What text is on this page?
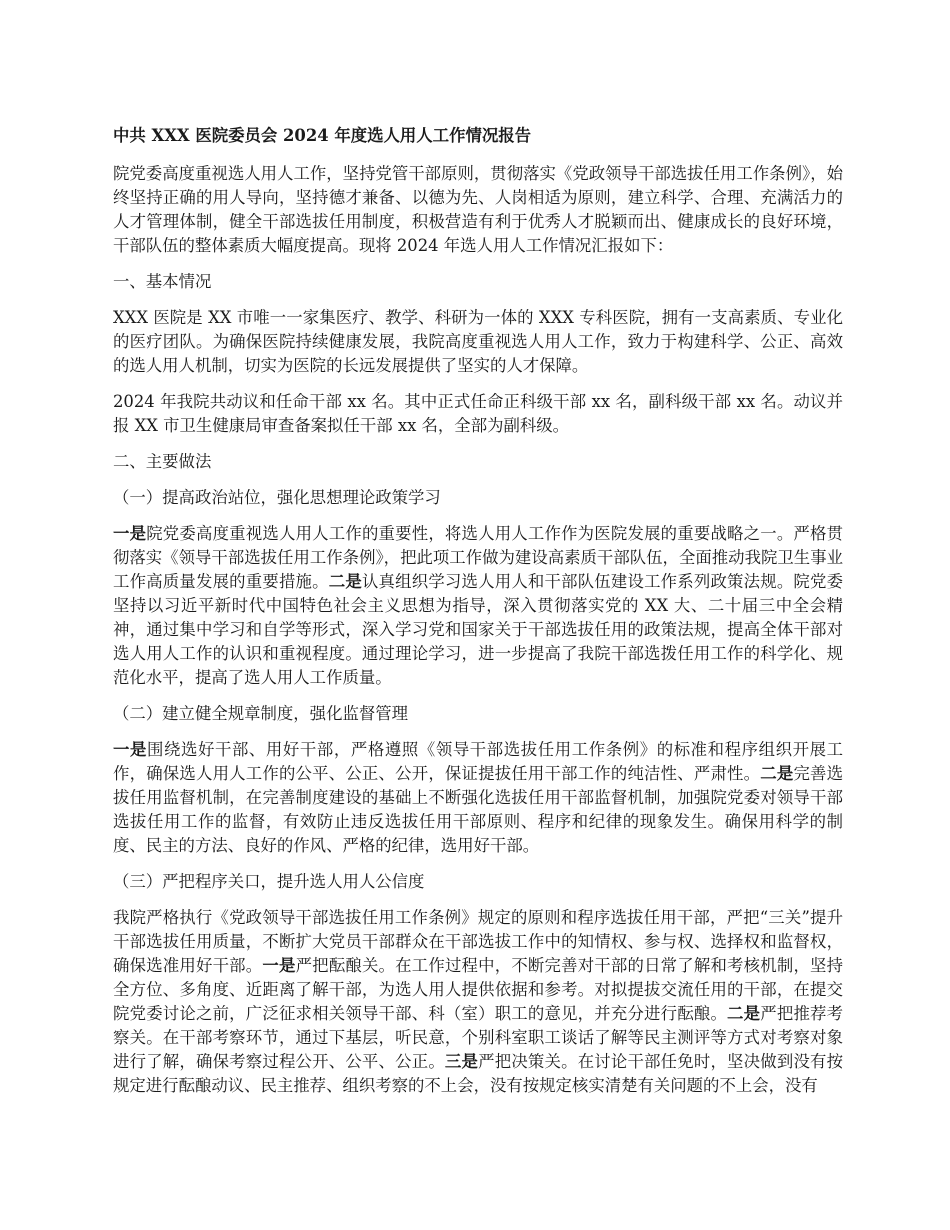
中共 XXX 医院委员会 2024 年度选人用人工作情况报告

院党委高度重视选人用人工作，坚持党管干部原则，贯彻落实《党政领导干部选拔任用工作条例》，始终坚持正确的用人导向，坚持德才兼备、以德为先、人岗相适为原则，建立科学、合理、充满活力的人才管理体制，健全干部选拔任用制度，积极营造有利于优秀人才脱颖而出、健康成长的良好环境，干部队伍的整体素质大幅度提高。现将 2024 年选人用人工作情况汇报如下：

一、基本情况

XXX 医院是 XX 市唯一一家集医疗、教学、科研为一体的 XXX 专科医院，拥有一支高素质、专业化的医疗团队。为确保医院持续健康发展，我院高度重视选人用人工作，致力于构建科学、公正、高效的选人用人机制，切实为医院的长远发展提供了坚实的人才保障。

2024 年我院共动议和任命干部 xx 名。其中正式任命正科级干部 xx 名，副科级干部 xx 名。动议并报 XX 市卫生健康局审查备案拟任干部 xx 名，全部为副科级。

二、主要做法

（一）提高政治站位，强化思想理论政策学习

一是院党委高度重视选人用人工作的重要性，将选人用人工作作为医院发展的重要战略之一。严格贯彻落实《领导干部选拔任用工作条例》，把此项工作做为建设高素质干部队伍，全面推动我院卫生事业工作高质量发展的重要措施。二是认真组织学习选人用人和干部队伍建设工作系列政策法规。院党委坚持以习近平新时代中国特色社会主义思想为指导，深入贯彻落实党的 XX 大、二十届三中全会精神，通过集中学习和自学等形式，深入学习党和国家关于干部选拔任用的政策法规，提高全体干部对选人用人工作的认识和重视程度。通过理论学习，进一步提高了我院干部选拨任用工作的科学化、规范化水平，提高了选人用人工作质量。

（二）建立健全规章制度，强化监督管理

一是围绕选好干部、用好干部，严格遵照《领导干部选拔任用工作条例》的标准和程序组织开展工作，确保选人用人工作的公平、公正、公开，保证提拔任用干部工作的纯洁性、严肃性。二是完善选拔任用监督机制，在完善制度建设的基础上不断强化选拔任用干部监督机制，加强院党委对领导干部选拔任用工作的监督，有效防止违反选拔任用干部原则、程序和纪律的现象发生。确保用科学的制度、民主的方法、良好的作风、严格的纪律，选用好干部。

（三）严把程序关口，提升选人用人公信度

我院严格执行《党政领导干部选拔任用工作条例》规定的原则和程序选拔任用干部，严把“三关”提升干部选拔任用质量，不断扩大党员干部群众在干部选拔工作中的知情权、参与权、选择权和监督权，确保选准用好干部。一是严把酝酿关。在工作过程中，不断完善对干部的日常了解和考核机制，坚持全方位、多角度、近距离了解干部，为选人用人提供依据和参考。对拟提拔交流任用的干部，在提交院党委讨论之前，广泛征求相关领导干部、科（室）职工的意见，并充分进行酝酿。二是严把推荐考察关。在干部考察环节，通过下基层，听民意，个别科室职工谈话了解等民主测评等方式对考察对象进行了解，确保考察过程公开、公平、公正。三是严把决策关。在讨论干部任免时，坚决做到没有按规定进行酝酿动议、民主推荐、组织考察的不上会，没有按规定核实清楚有关问题的不上会，没有
